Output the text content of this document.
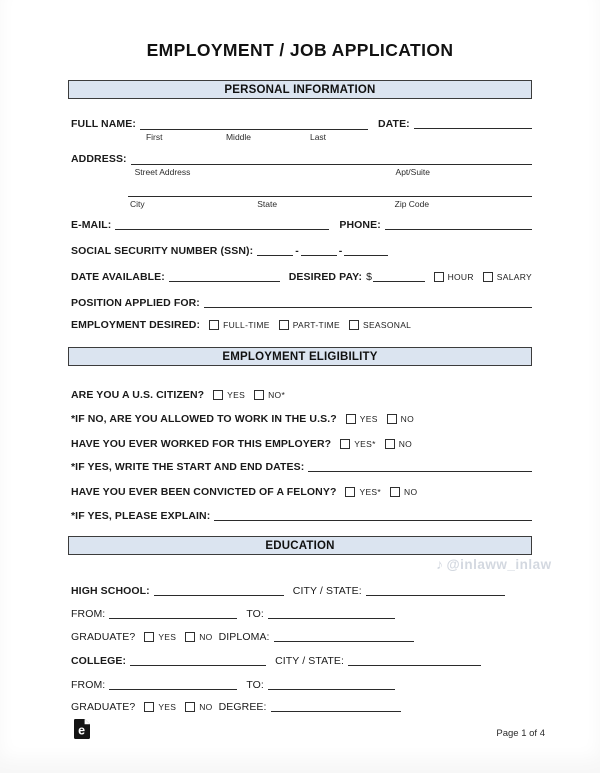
EMPLOYMENT / JOB APPLICATION
PERSONAL INFORMATION
FULL NAME:
First	Middle	Last
DATE:
ADDRESS:
Street Address	Apt/Suite
City	State	Zip Code
E-MAIL:	PHONE:
SOCIAL SECURITY NUMBER (SSN):	-	-
DATE AVAILABLE:	DESIRED PAY: $	HOUR	SALARY
POSITION APPLIED FOR:
EMPLOYMENT DESIRED:	FULL-TIME	PART-TIME	SEASONAL
EMPLOYMENT ELIGIBILITY
ARE YOU A U.S. CITIZEN?	YES	NO*
*IF NO, ARE YOU ALLOWED TO WORK IN THE U.S.?	YES	NO
HAVE YOU EVER WORKED FOR THIS EMPLOYER?	YES*	NO
*IF YES, WRITE THE START AND END DATES:
HAVE YOU EVER BEEN CONVICTED OF A FELONY?	YES*	NO
*IF YES, PLEASE EXPLAIN:
EDUCATION
♪ @inlaww_inlaw
HIGH SCHOOL:	CITY / STATE:
FROM:	TO:
GRADUATE?	YES	NO DIPLOMA:
COLLEGE:	CITY / STATE:
FROM:	TO:
GRADUATE?	YES	NO DEGREE:
e	Page 1 of 4
